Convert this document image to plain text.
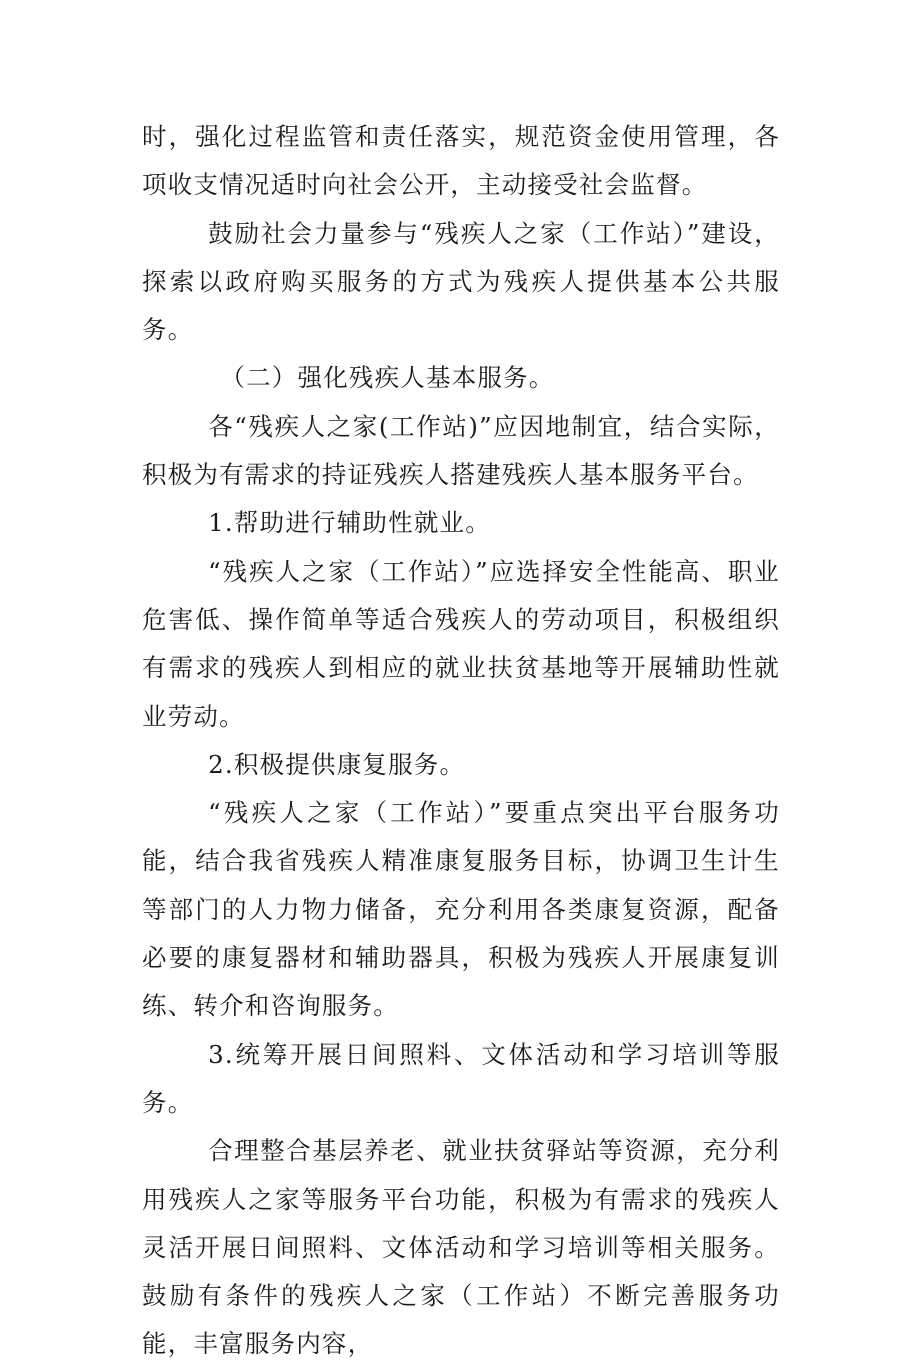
时，强化过程监管和责任落实，规范资金使用管理，各项收支情况适时向社会公开，主动接受社会监督。

鼓励社会力量参与“残疾人之家（工作站）”建设，探索以政府购买服务的方式为残疾人提供基本公共服务。

（二）强化残疾人基本服务。

各“残疾人之家(工作站)”应因地制宜，结合实际，积极为有需求的持证残疾人搭建残疾人基本服务平台。

1.帮助进行辅助性就业。

“残疾人之家（工作站）”应选择安全性能高、职业危害低、操作简单等适合残疾人的劳动项目，积极组织有需求的残疾人到相应的就业扶贫基地等开展辅助性就业劳动。

2.积极提供康复服务。

“残疾人之家（工作站）”要重点突出平台服务功能，结合我省残疾人精准康复服务目标，协调卫生计生等部门的人力物力储备，充分利用各类康复资源，配备必要的康复器材和辅助器具，积极为残疾人开展康复训练、转介和咨询服务。

3.统筹开展日间照料、文体活动和学习培训等服务。

合理整合基层养老、就业扶贫驿站等资源，充分利用残疾人之家等服务平台功能，积极为有需求的残疾人灵活开展日间照料、文体活动和学习培训等相关服务。鼓励有条件的残疾人之家（工作站）不断完善服务功能，丰富服务内容，
